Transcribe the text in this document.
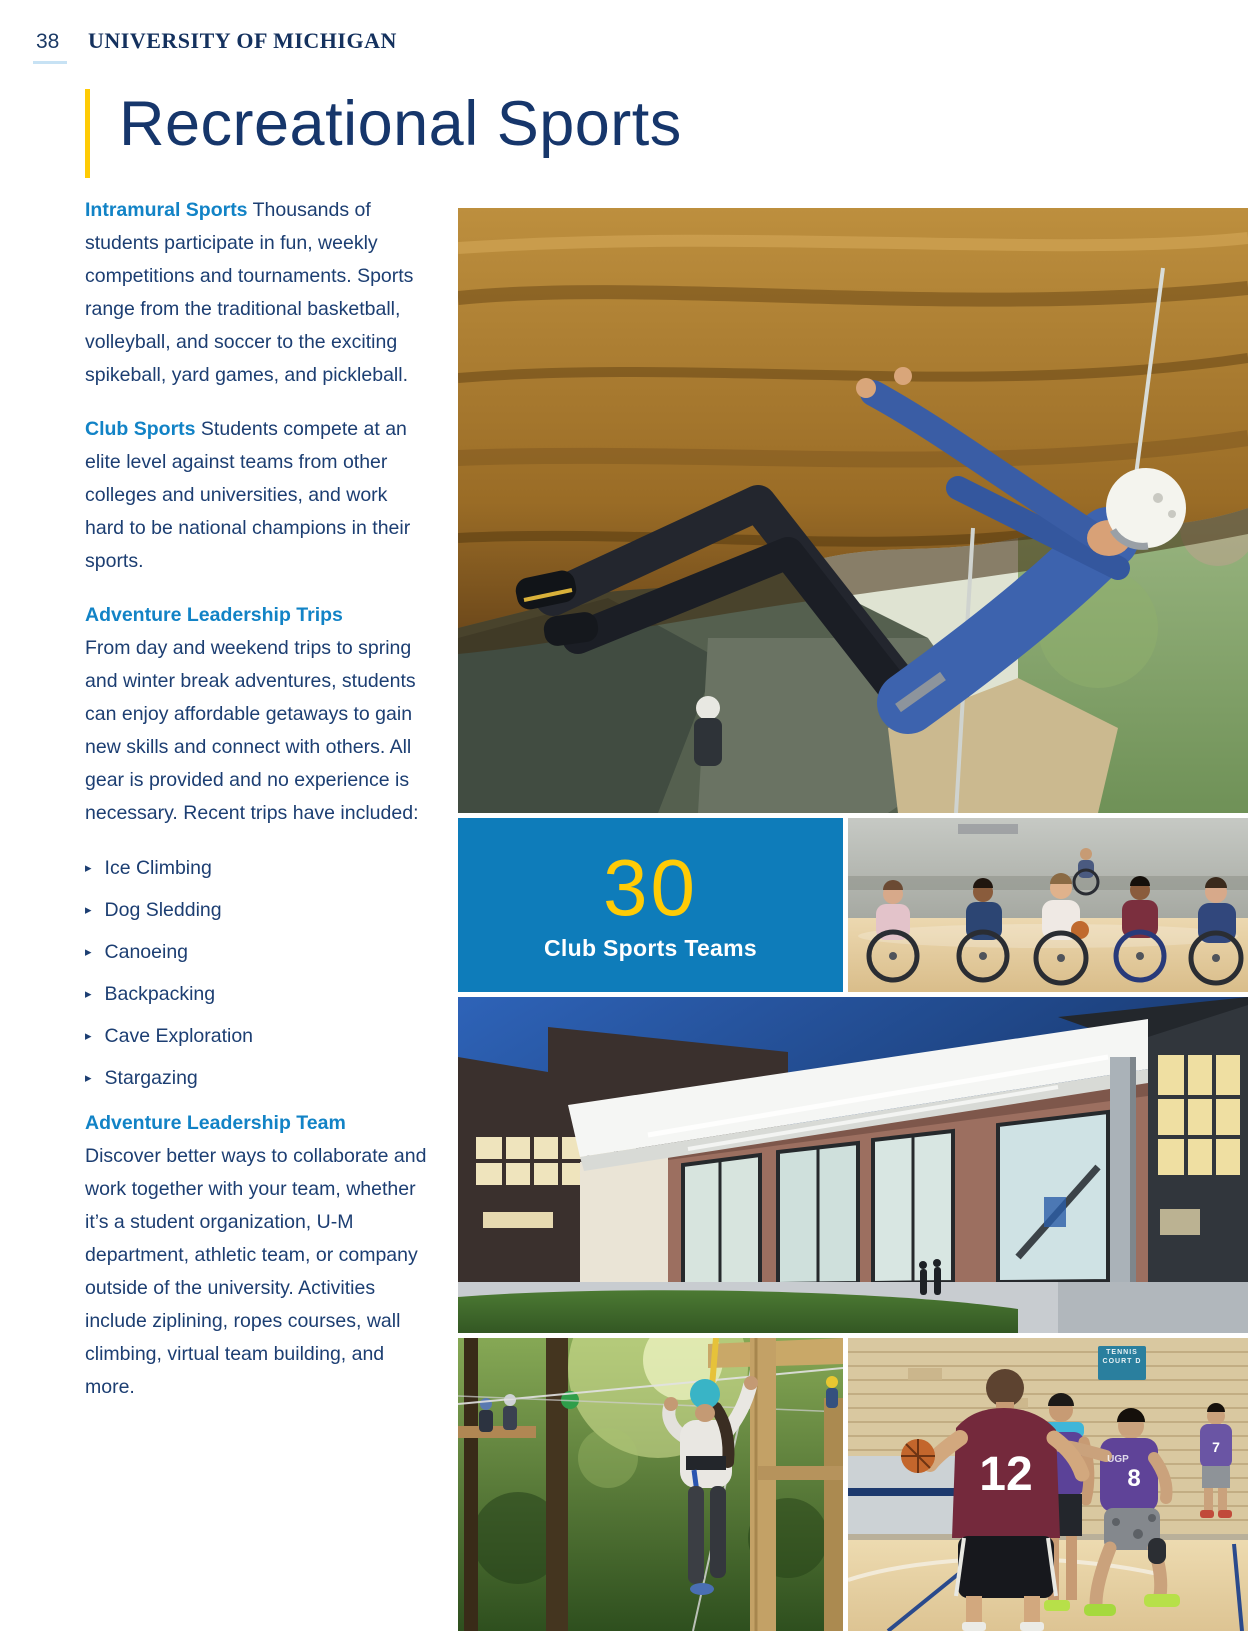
38 UNIVERSITY OF MICHIGAN
Recreational Sports

Intramural Sports Thousands of students participate in fun, weekly competitions and tournaments. Sports range from the traditional basketball, volleyball, and soccer to the exciting spikeball, yard games, and pickleball.

Club Sports Students compete at an elite level against teams from other colleges and universities, and work hard to be national champions in their sports.

Adventure Leadership Trips
From day and weekend trips to spring and winter break adventures, students can enjoy affordable getaways to gain new skills and connect with others. All gear is provided and no experience is necessary. Recent trips have included:

▸ Ice Climbing
▸ Dog Sledding
▸ Canoeing
▸ Backpacking
▸ Cave Exploration
▸ Stargazing

Adventure Leadership Team
Discover better ways to collaborate and work together with your team, whether it’s a student organization, U-M department, athletic team, or company outside of the university. Activities include ziplining, ropes courses, wall climbing, virtual team building, and more.

30
Club Sports Teams
12	UGP
8
7
TENNIS COURT D
